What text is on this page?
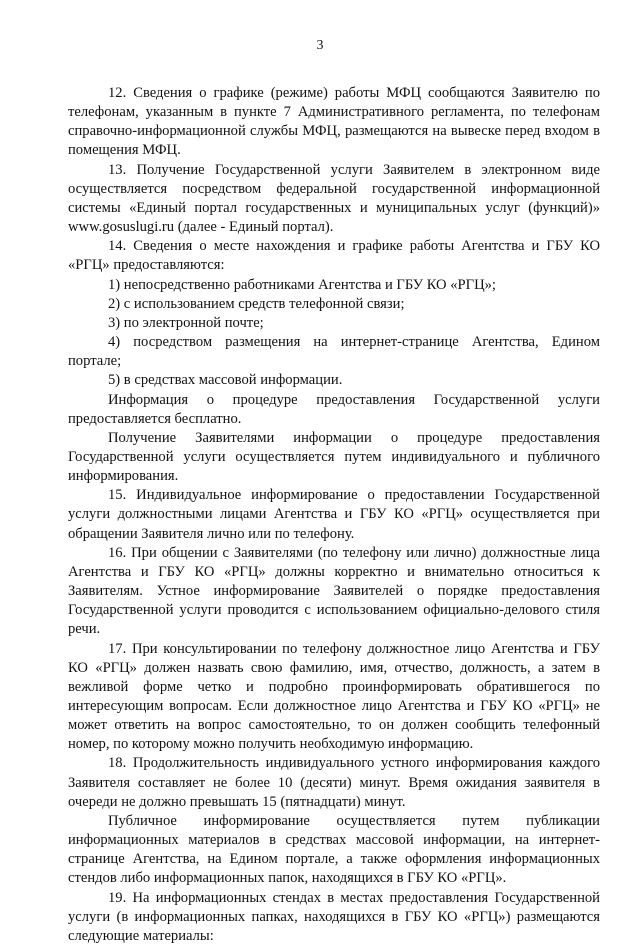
3

12. Сведения о графике (режиме) работы МФЦ сообщаются Заявителю по телефонам, указанным в пункте 7 Административного регламента, по телефонам справочно-информационной службы МФЦ, размещаются на вывеске перед входом в помещения МФЦ.

13. Получение Государственной услуги Заявителем в электронном виде осуществляется посредством федеральной государственной информационной системы «Единый портал государственных и муниципальных услуг (функций)» www.gosuslugi.ru (далее - Единый портал).

14. Сведения о месте нахождения и графике работы Агентства и ГБУ КО «РГЦ» предоставляются:

1) непосредственно работниками Агентства и ГБУ КО «РГЦ»;

2) с использованием средств телефонной связи;

3) по электронной почте;

4) посредством размещения на интернет-странице Агентства, Едином портале;

5) в средствах массовой информации.

Информация о процедуре предоставления Государственной услуги предоставляется бесплатно.

Получение Заявителями информации о процедуре предоставления Государственной услуги осуществляется путем индивидуального и публичного информирования.

15. Индивидуальное информирование о предоставлении Государственной услуги должностными лицами Агентства и ГБУ КО «РГЦ» осуществляется при обращении Заявителя лично или по телефону.

16. При общении с Заявителями (по телефону или лично) должностные лица Агентства и ГБУ КО «РГЦ» должны корректно и внимательно относиться к Заявителям. Устное информирование Заявителей о порядке предоставления Государственной услуги проводится с использованием официально-делового стиля речи.

17. При консультировании по телефону должностное лицо Агентства и ГБУ КО «РГЦ» должен назвать свою фамилию, имя, отчество, должность, а затем в вежливой форме четко и подробно проинформировать обратившегося по интересующим вопросам. Если должностное лицо Агентства и ГБУ КО «РГЦ» не может ответить на вопрос самостоятельно, то он должен сообщить телефонный номер, по которому можно получить необходимую информацию.

18. Продолжительность индивидуального устного информирования каждого Заявителя составляет не более 10 (десяти) минут. Время ожидания заявителя в очереди не должно превышать 15 (пятнадцати) минут.

Публичное информирование осуществляется путем публикации информационных материалов в средствах массовой информации, на интернет-странице Агентства, на Едином портале, а также оформления информационных стендов либо информационных папок, находящихся в ГБУ КО «РГЦ».

19. На информационных стендах в местах предоставления Государственной услуги (в информационных папках, находящихся в ГБУ КО «РГЦ») размещаются следующие материалы:
